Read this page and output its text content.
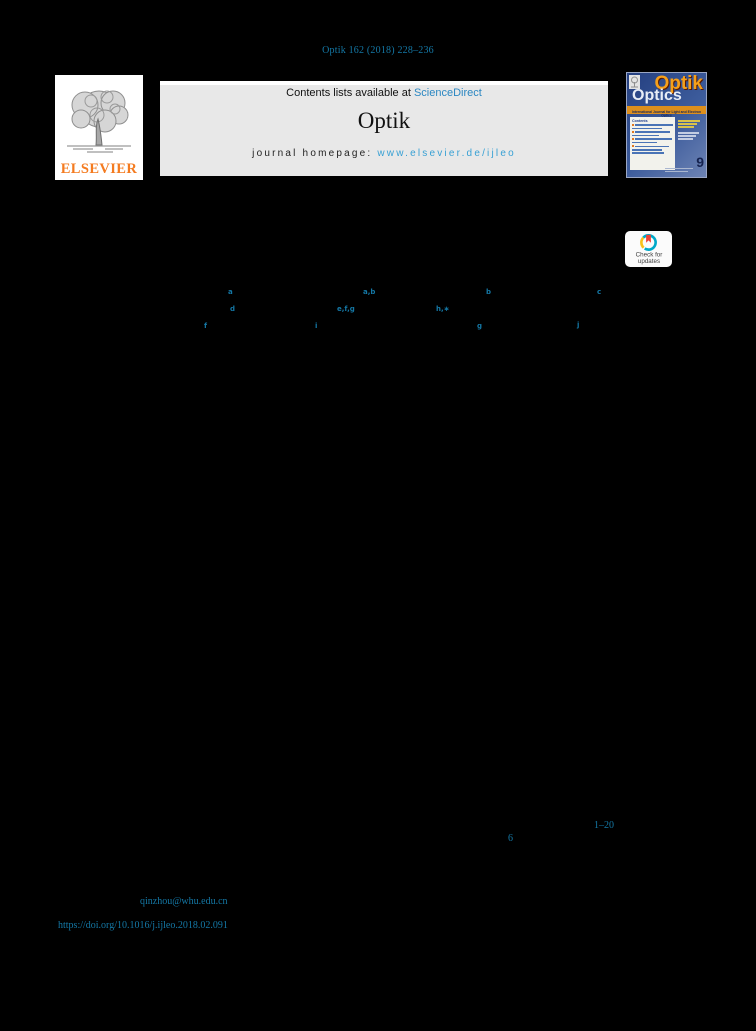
Optik 162 (2018) 228–236
ELSEVIER
Contents lists available at ScienceDirect
Optik
journal homepage: www.elsevier.de/ijleo
Optik
Optics
International Journal for Light and Electron Optics
Contents
9
Check for
updates
a	a,b	b	c
d	e,f,g	h,∗
f	i	g	j
1–20
6
qinzhou@whu.edu.cn
https://doi.org/10.1016/j.ijleo.2018.02.091
